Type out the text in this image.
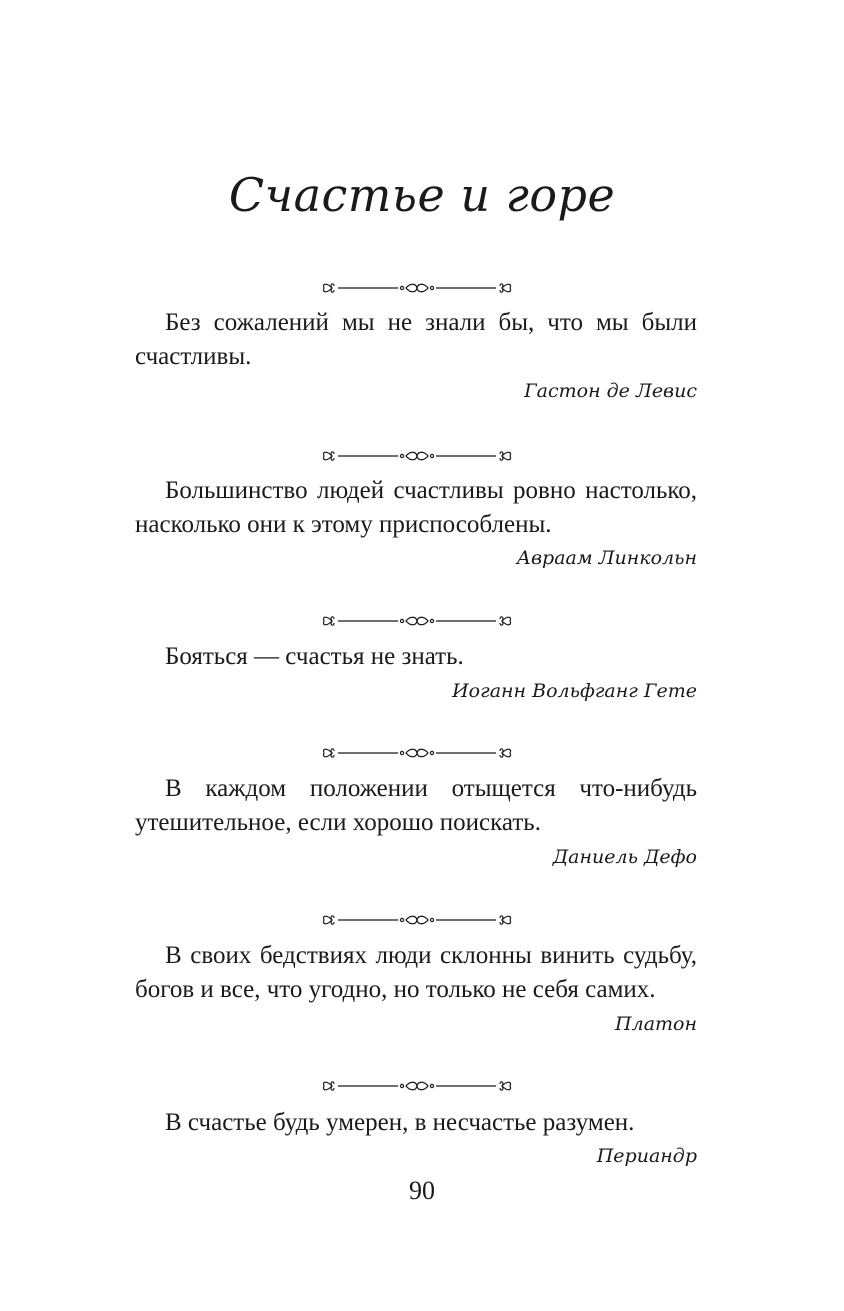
Счастье и горе
Без сожалений мы не знали бы, что мы были счастливы.
Гастон де Левис
Большинство людей счастливы ровно настолько, насколько они к этому приспособлены.
Авраам Линкольн
Бояться — счастья не знать.
Иоганн Вольфганг Гете
В каждом положении отыщется что-нибудь утешительное, если хорошо поискать.
Даниель Дефо
В своих бедствиях люди склонны винить судьбу, богов и все, что угодно, но только не себя самих.
Платон
В счастье будь умерен, в несчастье разумен.
Периандр
90
